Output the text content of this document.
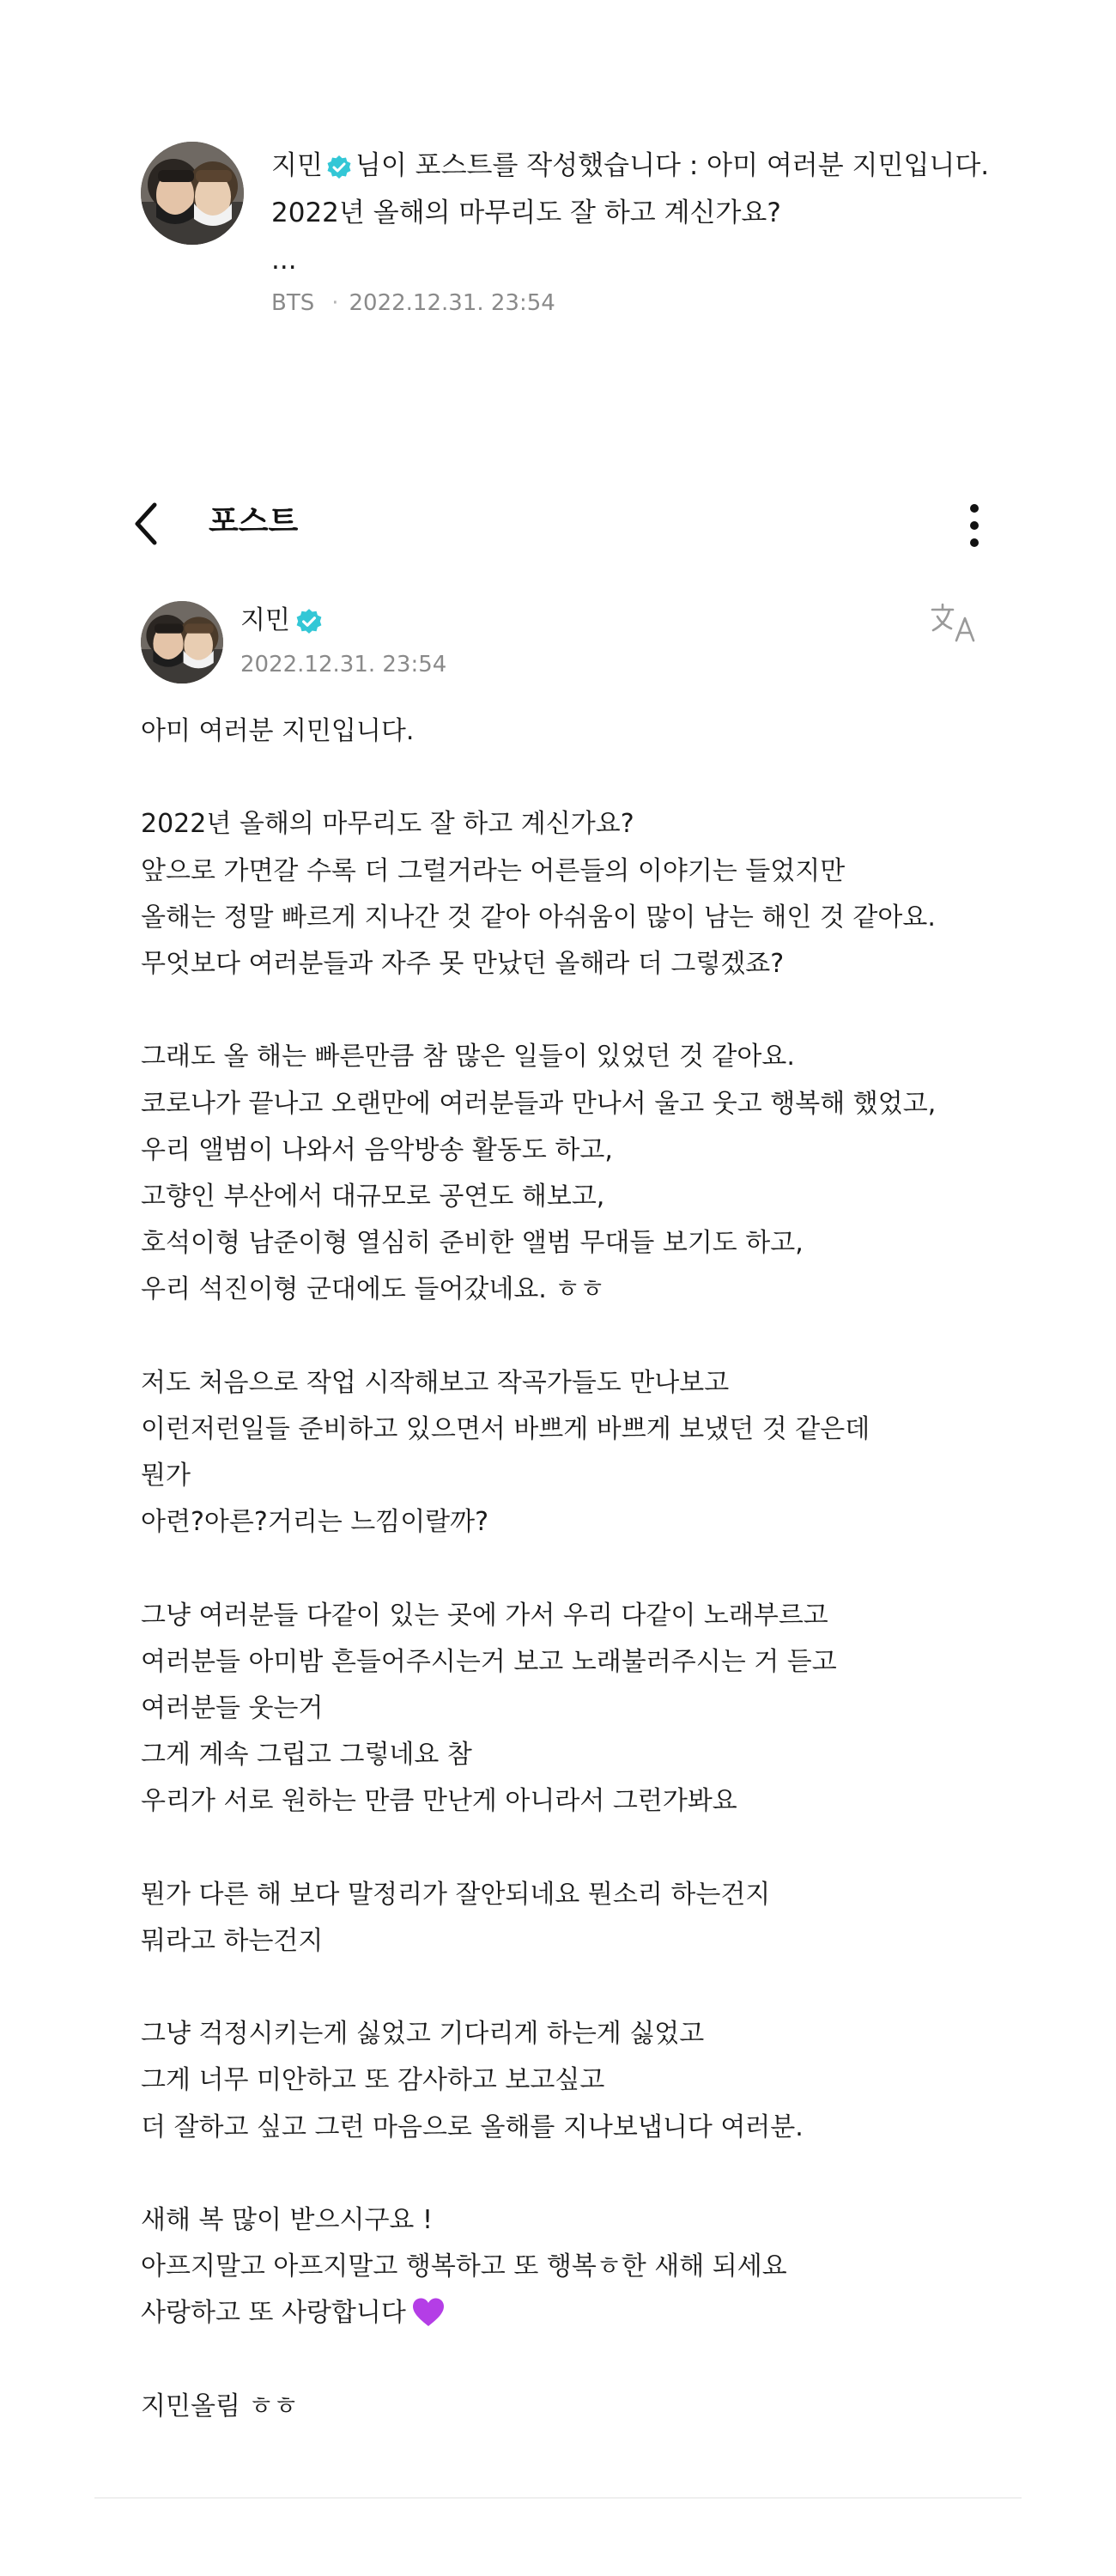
지민 님이 포스트를 작성했습니다 : 아미 여러분 지민입니다.
2022년 올해의 마무리도 잘 하고 계신가요?
...
BTS · 2022.12.31. 23:54
포스트
지민
2022.12.31. 23:54
아미 여러분 지민입니다.
2022년 올해의 마무리도 잘 하고 계신가요?
앞으로 가면갈 수록 더 그럴거라는 어른들의 이야기는 들었지만
올해는 정말 빠르게 지나간 것 같아 아쉬움이 많이 남는 해인 것 같아요.
무엇보다 여러분들과 자주 못 만났던 올해라 더 그렇겠죠?
그래도 올 해는 빠른만큼 참 많은 일들이 있었던 것 같아요.
코로나가 끝나고 오랜만에 여러분들과 만나서 울고 웃고 행복해 했었고,
우리 앨범이 나와서 음악방송 활동도 하고,
고향인 부산에서 대규모로 공연도 해보고,
호석이형 남준이형 열심히 준비한 앨범 무대들 보기도 하고,
우리 석진이형 군대에도 들어갔네요. ㅎㅎ
저도 처음으로 작업 시작해보고 작곡가들도 만나보고
이런저런일들 준비하고 있으면서 바쁘게 바쁘게 보냈던 것 같은데
뭔가
아련?아른?거리는 느낌이랄까?
그냥 여러분들 다같이 있는 곳에 가서 우리 다같이 노래부르고
여러분들 아미밤 흔들어주시는거 보고 노래불러주시는 거 듣고
여러분들 웃는거
그게 계속 그립고 그렇네요 참
우리가 서로 원하는 만큼 만난게 아니라서 그런가봐요
뭔가 다른 해 보다 말정리가 잘안되네요 뭔소리 하는건지
뭐라고 하는건지
그냥 걱정시키는게 싫었고 기다리게 하는게 싫었고
그게 너무 미안하고 또 감사하고 보고싶고
더 잘하고 싶고 그런 마음으로 올해를 지나보냅니다 여러분.
새해 복 많이 받으시구요 !
아프지말고 아프지말고 행복하고 또 행복ㅎ한 새해 되세요
사랑하고 또 사랑합니다
지민올림 ㅎㅎ
